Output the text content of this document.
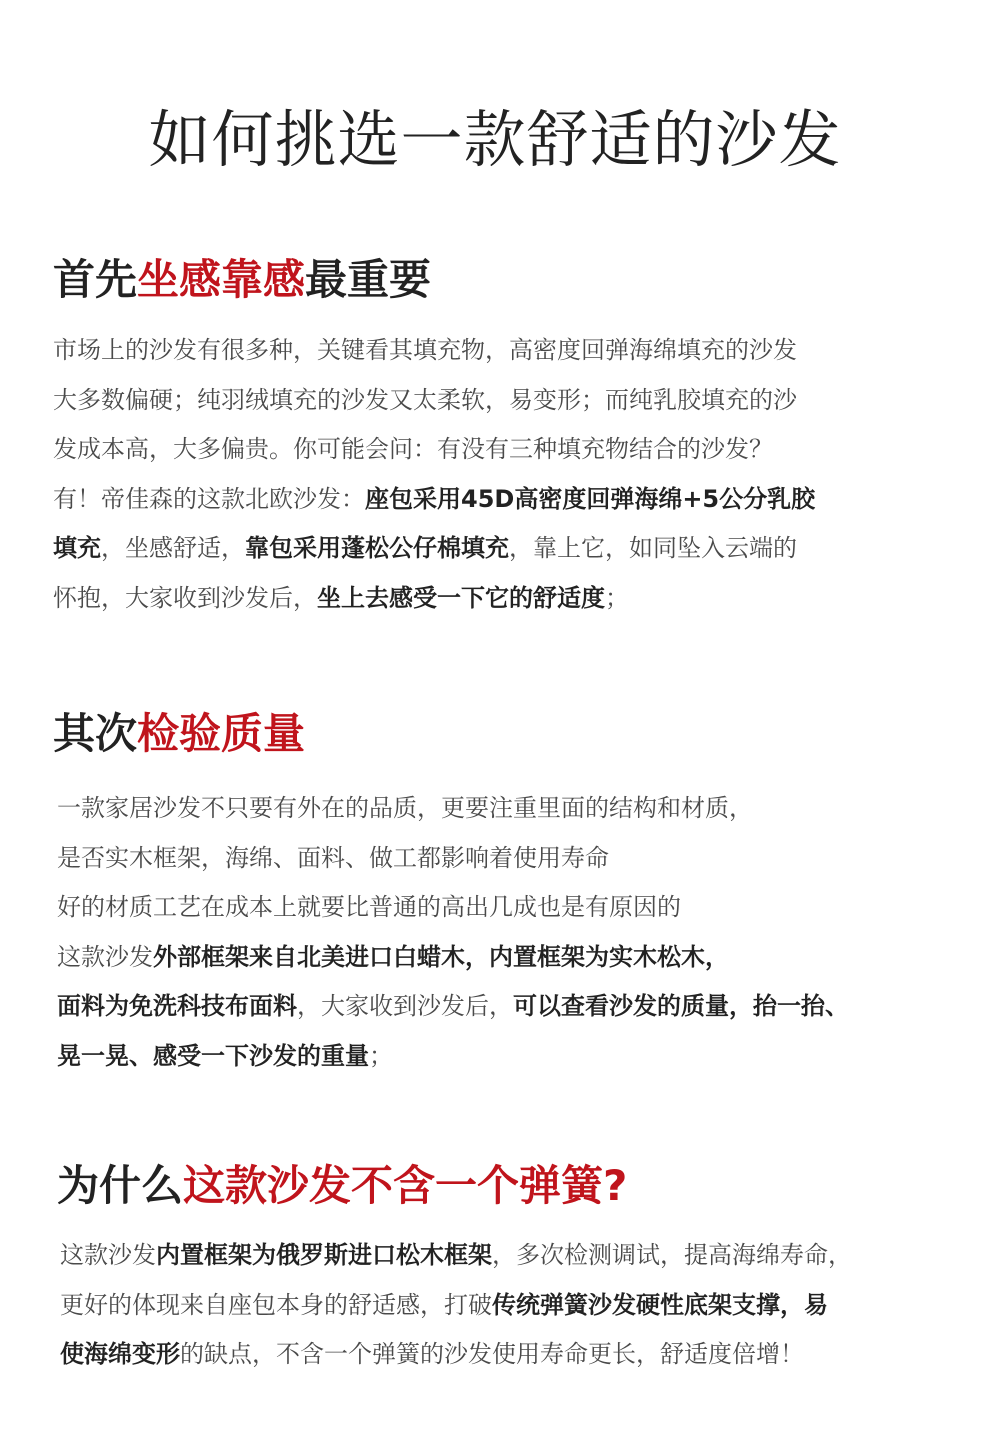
如何挑选一款舒适的沙发
首先坐感靠感最重要
市场上的沙发有很多种，关键看其填充物，高密度回弹海绵填充的沙发
大多数偏硬；纯羽绒填充的沙发又太柔软，易变形；而纯乳胶填充的沙
发成本高，大多偏贵。你可能会问：有没有三种填充物结合的沙发？
有！帝佳森的这款北欧沙发：座包采用45D高密度回弹海绵+5公分乳胶
填充，坐感舒适，靠包采用蓬松公仔棉填充，靠上它，如同坠入云端的
怀抱，大家收到沙发后，坐上去感受一下它的舒适度；
其次检验质量
一款家居沙发不只要有外在的品质，更要注重里面的结构和材质，
是否实木框架，海绵、面料、做工都影响着使用寿命
好的材质工艺在成本上就要比普通的高出几成也是有原因的
这款沙发外部框架来自北美进口白蜡木，内置框架为实木松木，
面料为免洗科技布面料，大家收到沙发后，可以查看沙发的质量，抬一抬、
晃一晃、感受一下沙发的重量；
为什么这款沙发不含一个弹簧?
这款沙发内置框架为俄罗斯进口松木框架，多次检测调试，提高海绵寿命，
更好的体现来自座包本身的舒适感，打破传统弹簧沙发硬性底架支撑，易
使海绵变形的缺点，不含一个弹簧的沙发使用寿命更长，舒适度倍增！
